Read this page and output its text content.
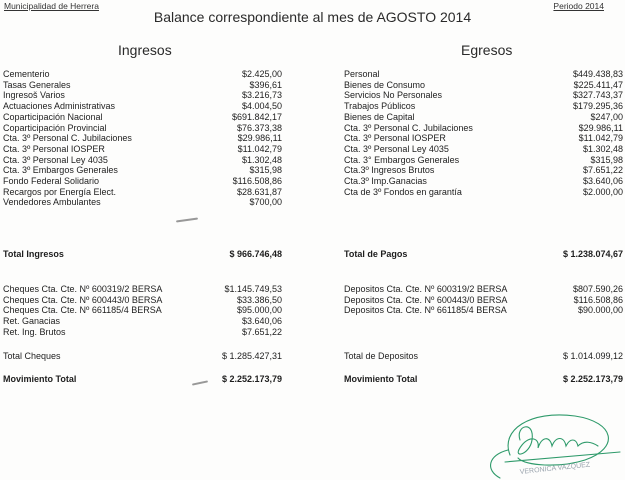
Municipalidad de Herrera	Periodo 2014
Balance correspondiente al mes de AGOSTO 2014
Ingresos	Egresos
Cementerio	$2.425,00
Tasas Generales	$396,61
Ingresoš Varios	$3.216,73
Actuaciones Administrativas	$4.004,50
Coparticipación Nacional	$691.842,17
Coparticipación Provincial	$76.373,38
Cta. 3º Personal C. Jubilaciones	$29.986,11
Cta. 3º Personal IOSPER	$11.042,79
Cta. 3º Personal Ley 4035	$1.302,48
Cta. 3º Embargos Generales	$315,98
Fondo Federal Solidario	$116.508,86
Recargos por Energía Elect.	$28.631,87
Vendedores Ambulantes	$700,00
Personal	$449.438,83
Bienes de Consumo	$225.411,47
Servicios No Personales	$327.743,37
Trabajos Públicos	$179.295,36
Bienes de Capital	$247,00
Cta. 3º Personal C. Jubilaciones	$29.986,11
Cta. 3º Personal IOSPER	$11.042,79
Cta. 3º Personal Ley 4035	$1.302,48
Cta. 3° Embargos Generales	$315,98
Cta.3º Ingresos Brutos	$7.651,22
Cta.3º Imp.Ganacias	$3.640,06
Cta de 3º Fondos en garantía	$2.000,00
Total Ingresos	$ 966.746,48	Total de Pagos	$ 1.238.074,67
Cheques Cta. Cte. Nº 600319/2 BERSA	$1.145.749,53
Cheques Cta. Cte. Nº 600443/0 BERSA	$33.386,50
Cheques Cta. Cte. Nº 661185/4 BERSA	$95.000,00
Ret. Ganacias	$3.640,06
Ret. Ing. Brutos	$7.651,22
Depositos Cta. Cte. Nº 600319/2 BERSA	$807.590,26
Depositos Cta. Cte. Nº 600443/0 BERSA	$116.508,86
Depositos Cta. Cte. Nº 661185/4 BERSA	$90.000,00
Total Cheques	$ 1.285.427,31	Total de Depositos	$ 1.014.099,12
Movimiento Total	$ 2.252.173,79	Movimiento Total	$ 2.252.173,79
VERONICA VAZQUEZ
